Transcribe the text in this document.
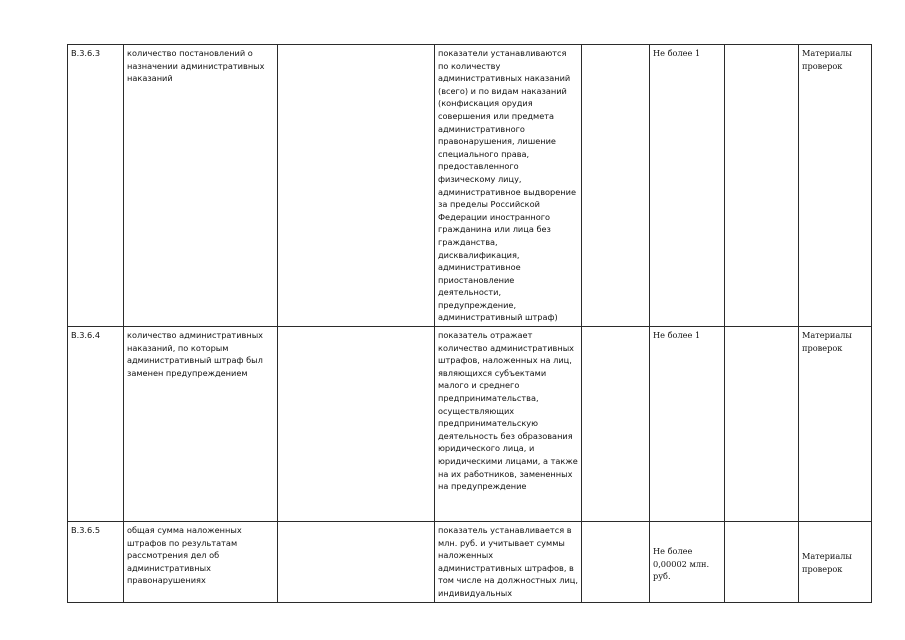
В.3.6.3	количество постановлений о назначении административных наказаний		показатели устанавливаются по количеству административных наказаний (всего) и по видам наказаний (конфискация орудия совершения или предмета административного правонарушения, лишение специального права, предоставленного физическому лицу, административное выдворение за пределы Российской Федерации иностранного гражданина или лица без гражданства, дисквалификация, административное приостановление деятельности, предупреждение, административный штраф)		Не более 1		Материалы проверок
В.3.6.4	количество административных наказаний, по которым административный штраф был заменен предупреждением		показатель отражает количество административных штрафов, наложенных на лиц, являющихся субъектами малого и среднего предпринимательства, осуществляющих предпринимательскую деятельность без образования юридического лица, и юридическими лицами, а также на их работников, замененных на предупреждение		Не более 1		Материалы проверок
В.3.6.5	общая сумма наложенных штрафов по результатам рассмотрения дел об административных правонарушениях		показатель устанавливается в млн. руб. и учитывает суммы наложенных административных штрафов, в том числе на должностных лиц, индивидуальных		Не более 0,00002 млн. руб.		Материалы проверок
